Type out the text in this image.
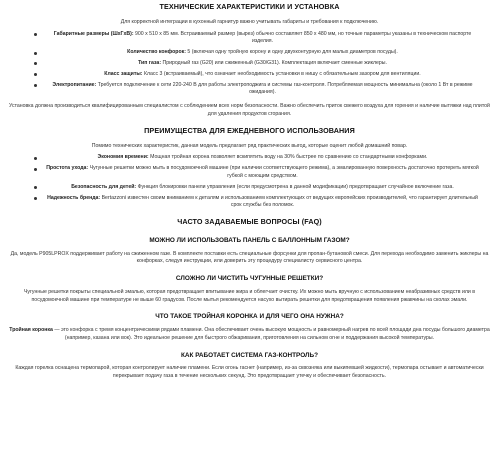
ТЕХНИЧЕСКИЕ ХАРАКТЕРИСТИКИ И УСТАНОВКА

Для корректной интеграции в кухонный гарнитур важно учитывать габариты и требования к подключению.

Габаритные размеры (ШxГxВ): 900 x 510 x 85 мм. Встраиваемый размер (вырез) обычно составляет 850 x 480 мм, но точные параметры указаны в техническом паспорте изделия.
Количество конфорок: 5 (включая одну тройную корону и одну двухконтурную для малых диаметров посуды).
Тип газа: Природный газ (G20) или сжиженный (G30/G31). Комплектация включает сменные жиклеры.
Класс защиты: Класс 3 (встраиваемый), что означает необходимость установки в нишу с обязательным зазором для вентиляции.
Электропитание: Требуется подключение к сети 220-240 В для работы электроподжига и системы газ-контроля. Потребляемая мощность минимальна (около 1 Вт в режиме ожидания).

Установка должна производиться квалифицированным специалистом с соблюдением всех норм безопасности. Важно обеспечить приток свежего воздуха для горения и наличие вытяжки над плитой для удаления продуктов сгорания.

ПРЕИМУЩЕСТВА ДЛЯ ЕЖЕДНЕВНОГО ИСПОЛЬЗОВАНИЯ

Помимо технических характеристик, данная модель предлагает ряд практических выгод, которые оценит любой домашний повар.

Экономия времени: Мощная тройная корона позволяет вскипятить воду на 30% быстрее по сравнению со стандартными конфорками.
Простота ухода: Чугунные решетки можно мыть в посудомоечной машине (при наличии соответствующего режима), а эмалированную поверхность достаточно протереть мягкой губкой с моющим средством.
Безопасность для детей: Функция блокировки панели управления (если предусмотрена в данной модификации) предотвращает случайное включение газа.
Надежность бренда: Bertazzoni известен своим вниманием к деталям и использованием комплектующих от ведущих европейских производителей, что гарантирует длительный срок службы без поломок.
ЧАСТО ЗАДАВАЕМЫЕ ВОПРОСЫ (FAQ)
МОЖНО ЛИ ИСПОЛЬЗОВАТЬ ПАНЕЛЬ С БАЛЛОННЫМ ГАЗОМ?

Да, модель P905LPROX поддерживает работу на сжиженном газе. В комплекте поставки есть специальные форсунки для пропан-бутановой смеси. Для перехода необходимо заменить жиклеры на конфорках, следуя инструкции, или доверить эту процедуру специалисту сервисного центра.

СЛОЖНО ЛИ ЧИСТИТЬ ЧУГУННЫЕ РЕШЕТКИ?

Чугунные решетки покрыты специальной эмалью, которая предотвращает впитывание жира и облегчает очистку. Их можно мыть вручную с использованием неабразивных средств или в посудомоечной машине при температуре не выше 60 градусов. После мытья рекомендуется насухо вытирать решетки для предотвращения появления ржавчины на сколах эмали.

ЧТО ТАКОЕ ТРОЙНАЯ КОРОНКА И ДЛЯ ЧЕГО ОНА НУЖНА?

Тройная коронка — это конфорка с тремя концентрическими рядами пламени. Она обеспечивает очень высокую мощность и равномерный нагрев по всей площади дна посуды большого диаметра (например, казана или вок). Это идеальное решение для быстрого обжаривания, приготовления на сильном огне и поддержания высокой температуры.

КАК РАБОТАЕТ СИСТЕМА ГАЗ-КОНТРОЛЬ?

Каждая горелка оснащена термопарой, которая контролирует наличие пламени. Если огонь гаснет (например, из-за сквозняка или выкипевшей жидкости), термопара остывает и автоматически перекрывает подачу газа в течение нескольких секунд. Это предотвращает утечку и обеспечивает безопасность.
